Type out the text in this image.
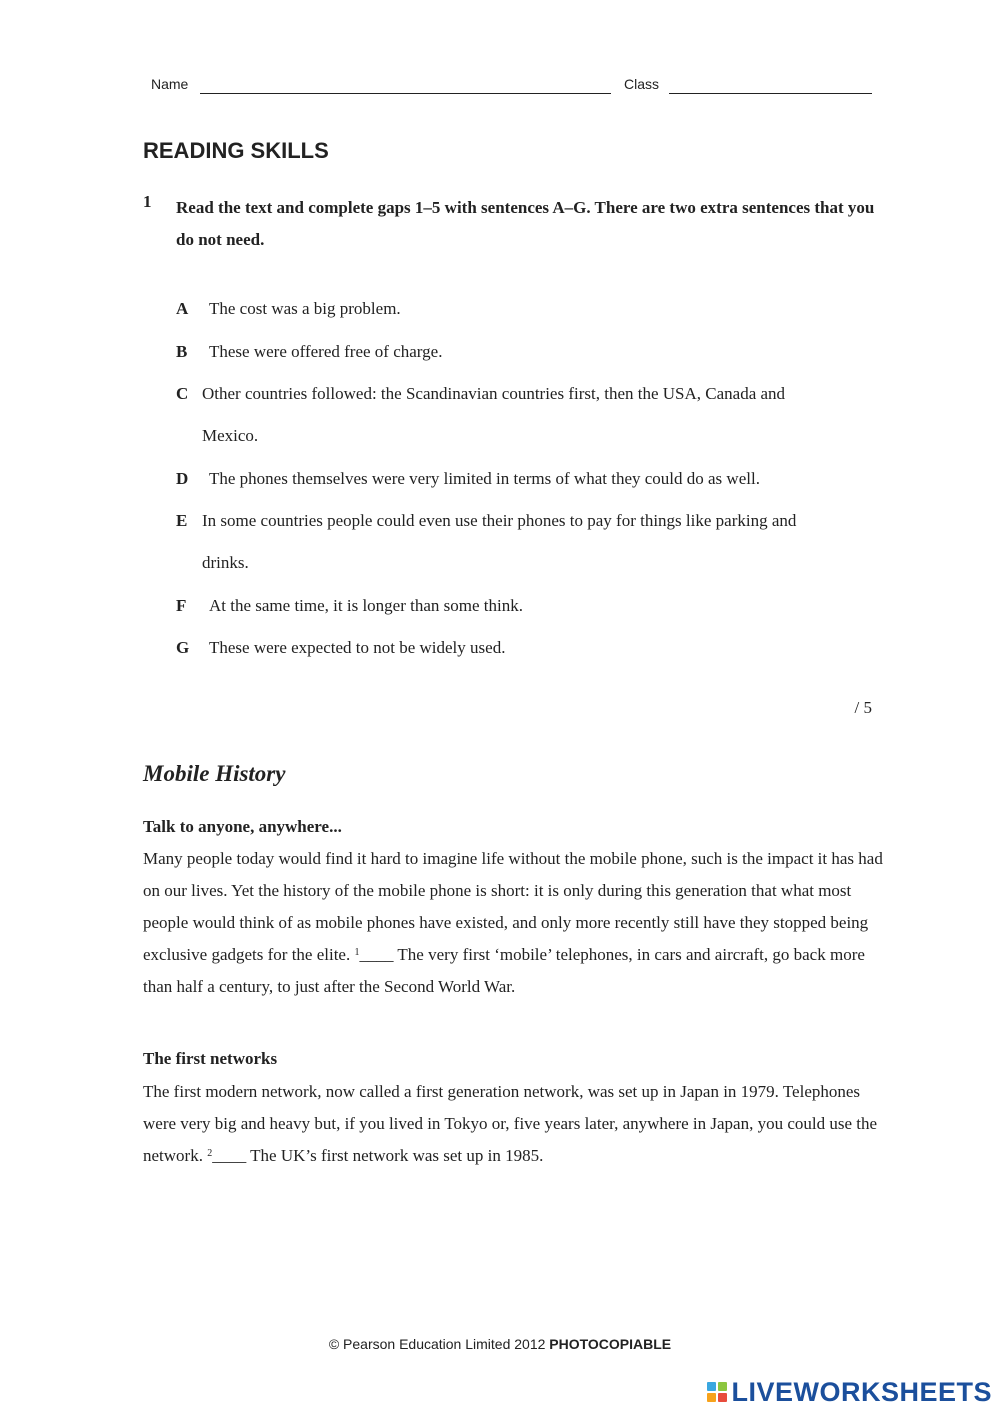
Name	Class
READING SKILLS
1 Read the text and complete gaps 1–5 with sentences A–G. There are two extra sentences that you do not need.
A The cost was a big problem.
B These were offered free of charge.
C Other countries followed: the Scandinavian countries first, then the USA, Canada and
Mexico.
D The phones themselves were very limited in terms of what they could do as well.
E In some countries people could even use their phones to pay for things like parking and
drinks.
F At the same time, it is longer than some think.
G These were expected to not be widely used.
/ 5
Mobile History
Talk to anyone, anywhere...
Many people today would find it hard to imagine life without the mobile phone, such is the impact it has had on our lives. Yet the history of the mobile phone is short: it is only during this generation that what most people would think of as mobile phones have existed, and only more recently still have they stopped being exclusive gadgets for the elite. $^1$____ The very first ‘mobile’ telephones, in cars and aircraft, go back more than half a century, to just after the Second World War.
The first networks
The first modern network, now called a first generation network, was set up in Japan in 1979. Telephones were very big and heavy but, if you lived in Tokyo or, five years later, anywhere in Japan, you could use the network. $^2$____ The UK’s first network was set up in 1985.
© Pearson Education Limited 2012 PHOTOCOPIABLE
LIVEWORKSHEETS
